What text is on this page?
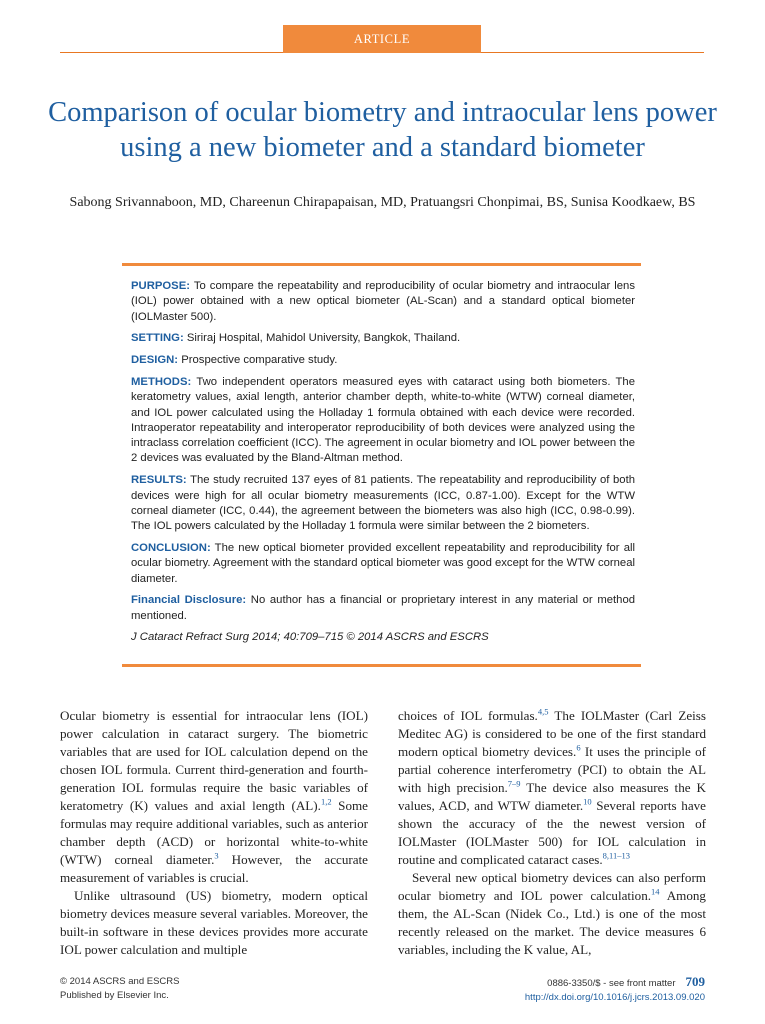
ARTICLE
Comparison of ocular biometry and intraocular lens power using a new biometer and a standard biometer
Sabong Srivannaboon, MD, Chareenun Chirapapaisan, MD, Pratuangsri Chonpimai, BS, Sunisa Koodkaew, BS

PURPOSE: To compare the repeatability and reproducibility of ocular biometry and intraocular lens (IOL) power obtained with a new optical biometer (AL-Scan) and a standard optical biometer (IOLMaster 500).

SETTING: Siriraj Hospital, Mahidol University, Bangkok, Thailand.

DESIGN: Prospective comparative study.

METHODS: Two independent operators measured eyes with cataract using both biometers. The keratometry values, axial length, anterior chamber depth, white-to-white (WTW) corneal diameter, and IOL power calculated using the Holladay 1 formula obtained with each device were recorded. Intraoperator repeatability and interoperator reproducibility of both devices were analyzed using the intraclass correlation coefficient (ICC). The agreement in ocular biometry and IOL power between the 2 devices was evaluated by the Bland-Altman method.

RESULTS: The study recruited 137 eyes of 81 patients. The repeatability and reproducibility of both devices were high for all ocular biometry measurements (ICC, 0.87-1.00). Except for the WTW corneal diameter (ICC, 0.44), the agreement between the biometers was also high (ICC, 0.98-0.99). The IOL powers calculated by the Holladay 1 formula were similar between the 2 biometers.

CONCLUSION: The new optical biometer provided excellent repeatability and reproducibility for all ocular biometry. Agreement with the standard optical biometer was good except for the WTW corneal diameter.

Financial Disclosure: No author has a financial or proprietary interest in any material or method mentioned.

J Cataract Refract Surg 2014; 40:709–715 © 2014 ASCRS and ESCRS

Ocular biometry is essential for intraocular lens (IOL) power calculation in cataract surgery. The biometric variables that are used for IOL calculation depend on the chosen IOL formula. Current third-generation and fourth-generation IOL formulas require the basic variables of keratometry (K) values and axial length (AL).$^{1,2}$ Some formulas may require additional variables, such as anterior chamber depth (ACD) or horizontal white-to-white (WTW) corneal diameter.$^3$ However, the accurate measurement of variables is crucial.

Unlike ultrasound (US) biometry, modern optical biometry devices measure several variables. Moreover, the built-in software in these devices provides more accurate IOL power calculation and multiple

choices of IOL formulas.$^{4,5}$ The IOLMaster (Carl Zeiss Meditec AG) is considered to be one of the first standard modern optical biometry devices.$^6$ It uses the principle of partial coherence interferometry (PCI) to obtain the AL with high precision.$^{7-9}$ The device also measures the K values, ACD, and WTW diameter.$^{10}$ Several reports have shown the accuracy of the the newest version of IOLMaster (IOLMaster 500) for IOL calculation in routine and complicated cataract cases.$^{8,11-13}$

Several new optical biometry devices can also perform ocular biometry and IOL power calculation.$^{14}$ Among them, the AL-Scan (Nidek Co., Ltd.) is one of the most recently released on the market. The device measures 6 variables, including the K value, AL,

© 2014 ASCRS and ESCRS
Published by Elsevier Inc.
0886-3350/$ - see front matter 709
http://dx.doi.org/10.1016/j.jcrs.2013.09.020
